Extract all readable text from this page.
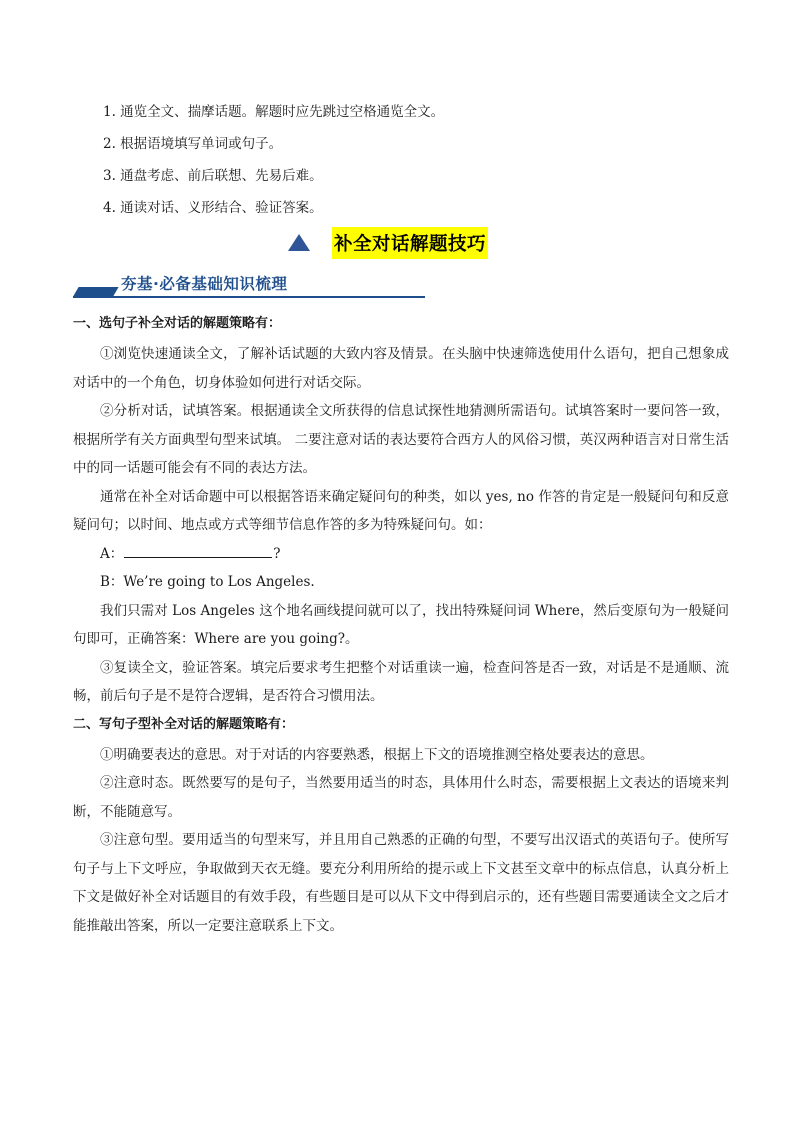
1. 通览全文、揣摩话题。解题时应先跳过空格通览全文。
2. 根据语境填写单词或句子。
3. 通盘考虑、前后联想、先易后难。
4. 通读对话、义形结合、验证答案。
补全对话解题技巧
夯基·必备基础知识梳理
一、选句子补全对话的解题策略有：

①浏览快速通读全文，了解补话试题的大致内容及情景。在头脑中快速筛选使用什么语句，把自己想象成对话中的一个角色，切身体验如何进行对话交际。

②分析对话，试填答案。根据通读全文所获得的信息试探性地猜测所需语句。试填答案时一要问答一致，根据所学有关方面典型句型来试填。 二要注意对话的表达要符合西方人的风俗习惯，英汉两种语言对日常生活中的同一话题可能会有不同的表达方法。

通常在补全对话命题中可以根据答语来确定疑问句的种类，如以 yes, no 作答的肯定是一般疑问句和反意疑问句；以时间、地点或方式等细节信息作答的多为特殊疑问句。如：

A：	?
B：We’re going to Los Angeles.

我们只需对 Los Angeles 这个地名画线提问就可以了，找出特殊疑问词 Where，然后变原句为一般疑问句即可，正确答案：Where are you going?。

③复读全文，验证答案。填完后要求考生把整个对话重读一遍，检查问答是否一致，对话是不是通顺、流畅，前后句子是不是符合逻辑，是否符合习惯用法。

二、写句子型补全对话的解题策略有：

①明确要表达的意思。对于对话的内容要熟悉，根据上下文的语境推测空格处要表达的意思。

②注意时态。既然要写的是句子，当然要用适当的时态，具体用什么时态，需要根据上文表达的语境来判断，不能随意写。

③注意句型。要用适当的句型来写，并且用自己熟悉的正确的句型，不要写出汉语式的英语句子。使所写句子与上下文呼应，争取做到天衣无缝。要充分利用所给的提示或上下文甚至文章中的标点信息，认真分析上下文是做好补全对话题目的有效手段，有些题目是可以从下文中得到启示的，还有些题目需要通读全文之后才能推敲出答案，所以一定要注意联系上下文。
